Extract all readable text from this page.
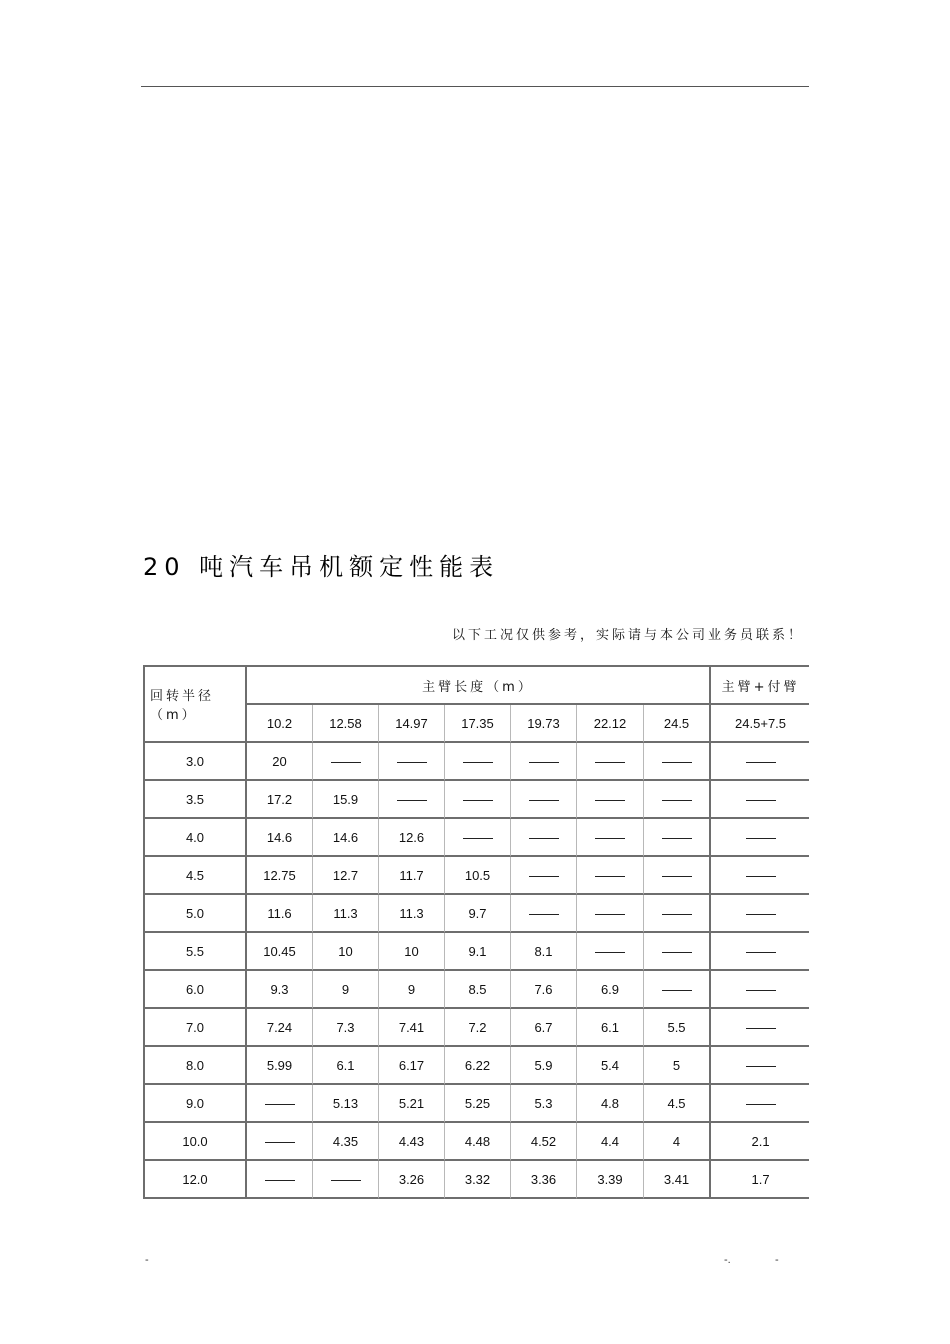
20 吨汽车吊机额定性能表
以下工况仅供参考，实际请与本公司业务员联系！
回转半径（m）	主臂长度（m）							主臂+付臂
	10.2	12.58	14.97	17.35	19.73	22.12	24.5	24.5+7.5
3.0	20							
3.5	17.2	15.9						
4.0	14.6	14.6	12.6					
4.5	12.75	12.7	11.7	10.5				
5.0	11.6	11.3	11.3	9.7				
5.5	10.45	10	10	9.1	8.1			
6.0	9.3	9	9	8.5	7.6	6.9		
7.0	7.24	7.3	7.41	7.2	6.7	6.1	5.5	
8.0	5.99	6.1	6.17	6.22	5.9	5.4	5	
9.0		5.13	5.21	5.25	5.3	4.8	4.5	
10.0		4.35	4.43	4.48	4.52	4.4	4	2.1
12.0			3.26	3.32	3.36	3.39	3.41	1.7
-	-.	-
